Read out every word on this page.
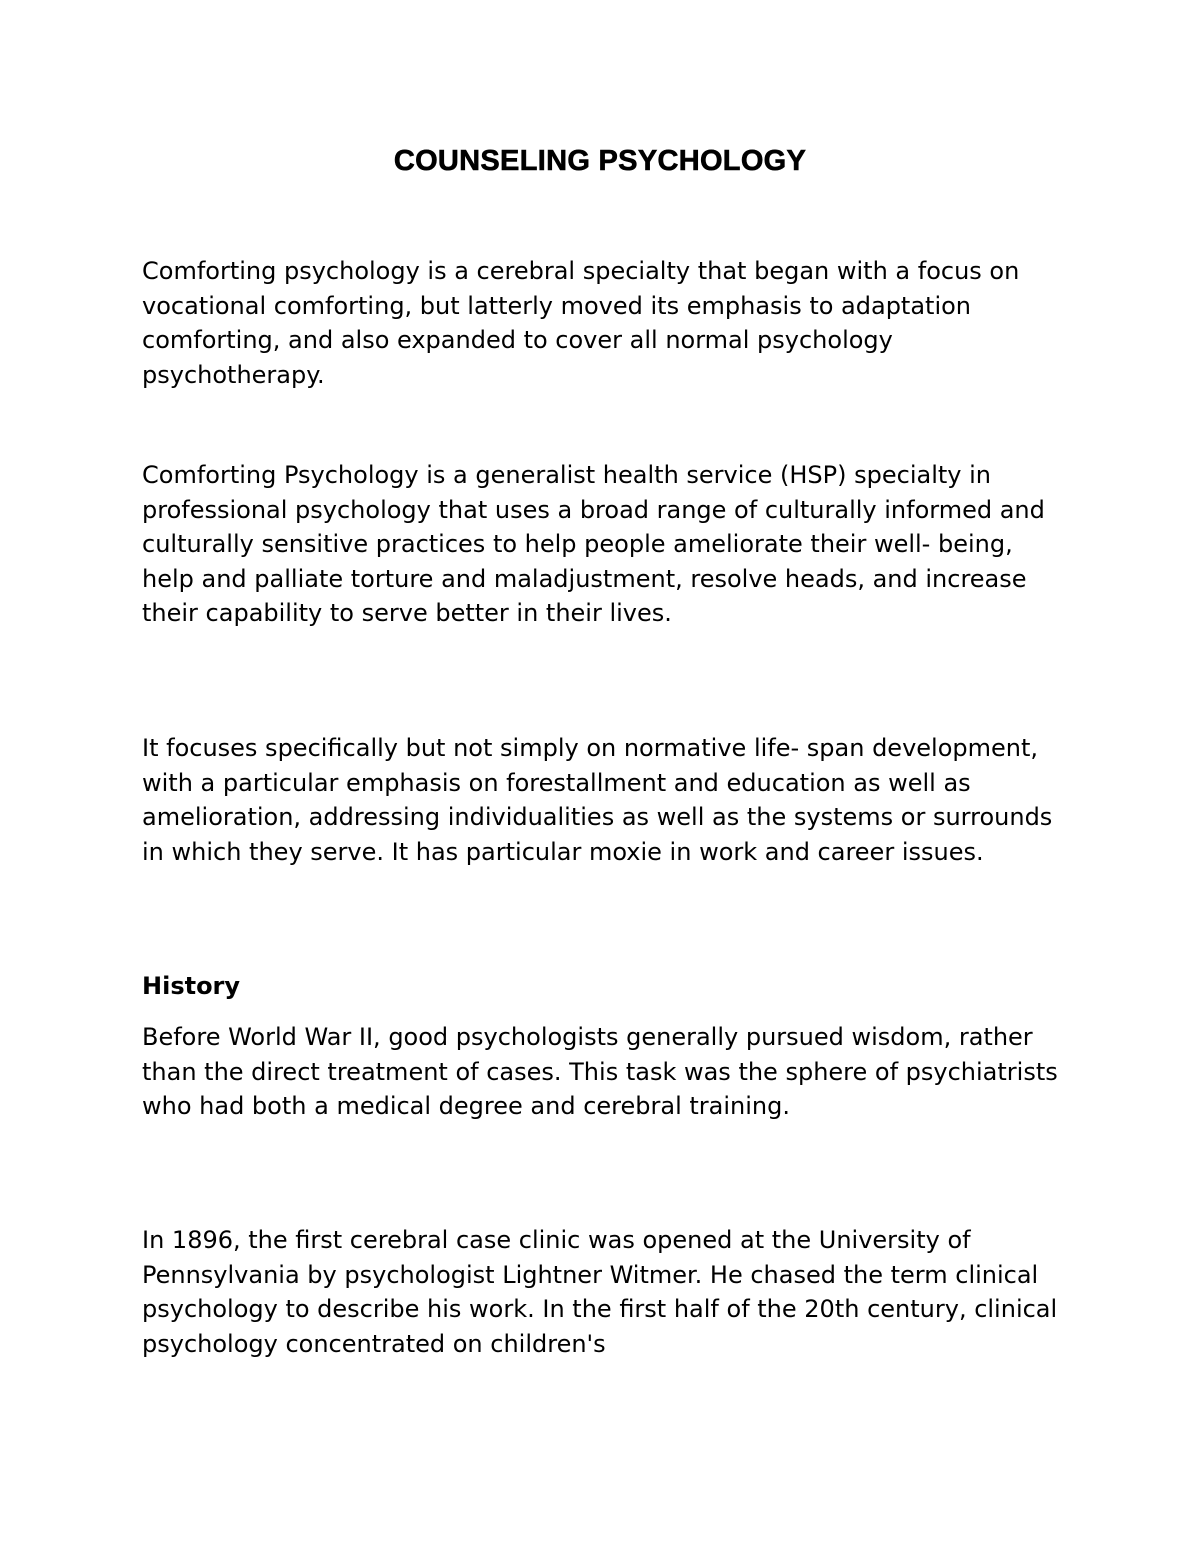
COUNSELING PSYCHOLOGY

Comforting psychology is a cerebral specialty that began with a focus on vocational comforting, but latterly moved its emphasis to adaptation comforting, and also expanded to cover all normal psychology psychotherapy.

Comforting Psychology is a generalist health service (HSP) specialty in professional psychology that uses a broad range of culturally informed and culturally sensitive practices to help people ameliorate their well- being, help and palliate torture and maladjustment, resolve heads, and increase their capability to serve better in their lives.

It focuses specifically but not simply on normative life- span development, with a particular emphasis on forestallment and education as well as amelioration, addressing individualities as well as the systems or surrounds in which they serve. It has particular moxie in work and career issues.

History

Before World War II, good psychologists generally pursued wisdom, rather than the direct treatment of cases. This task was the sphere of psychiatrists who had both a medical degree and cerebral training.

In 1896, the first cerebral case clinic was opened at the University of Pennsylvania by psychologist Lightner Witmer. He chased the term clinical psychology to describe his work. In the first half of the 20th century, clinical psychology concentrated on children's
